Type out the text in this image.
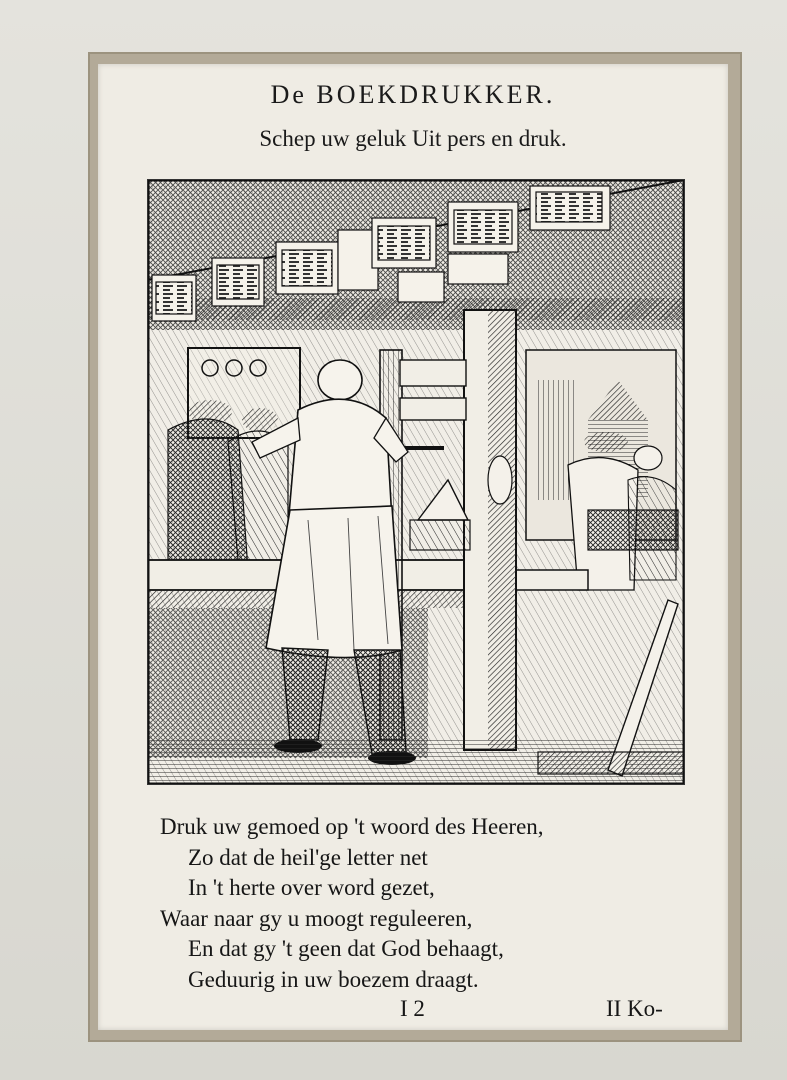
De BOEKDRUKKER.
Schep uw geluk Uit pers en druk.
Druk uw gemoed op 't woord des Heeren,
Zo dat de heil'ge letter net
In 't herte over word gezet,
Waar naar gy u moogt reguleeren,
En dat gy 't geen dat God behaagt,
Geduurig in uw boezem draagt.
I 2	II Ko-
